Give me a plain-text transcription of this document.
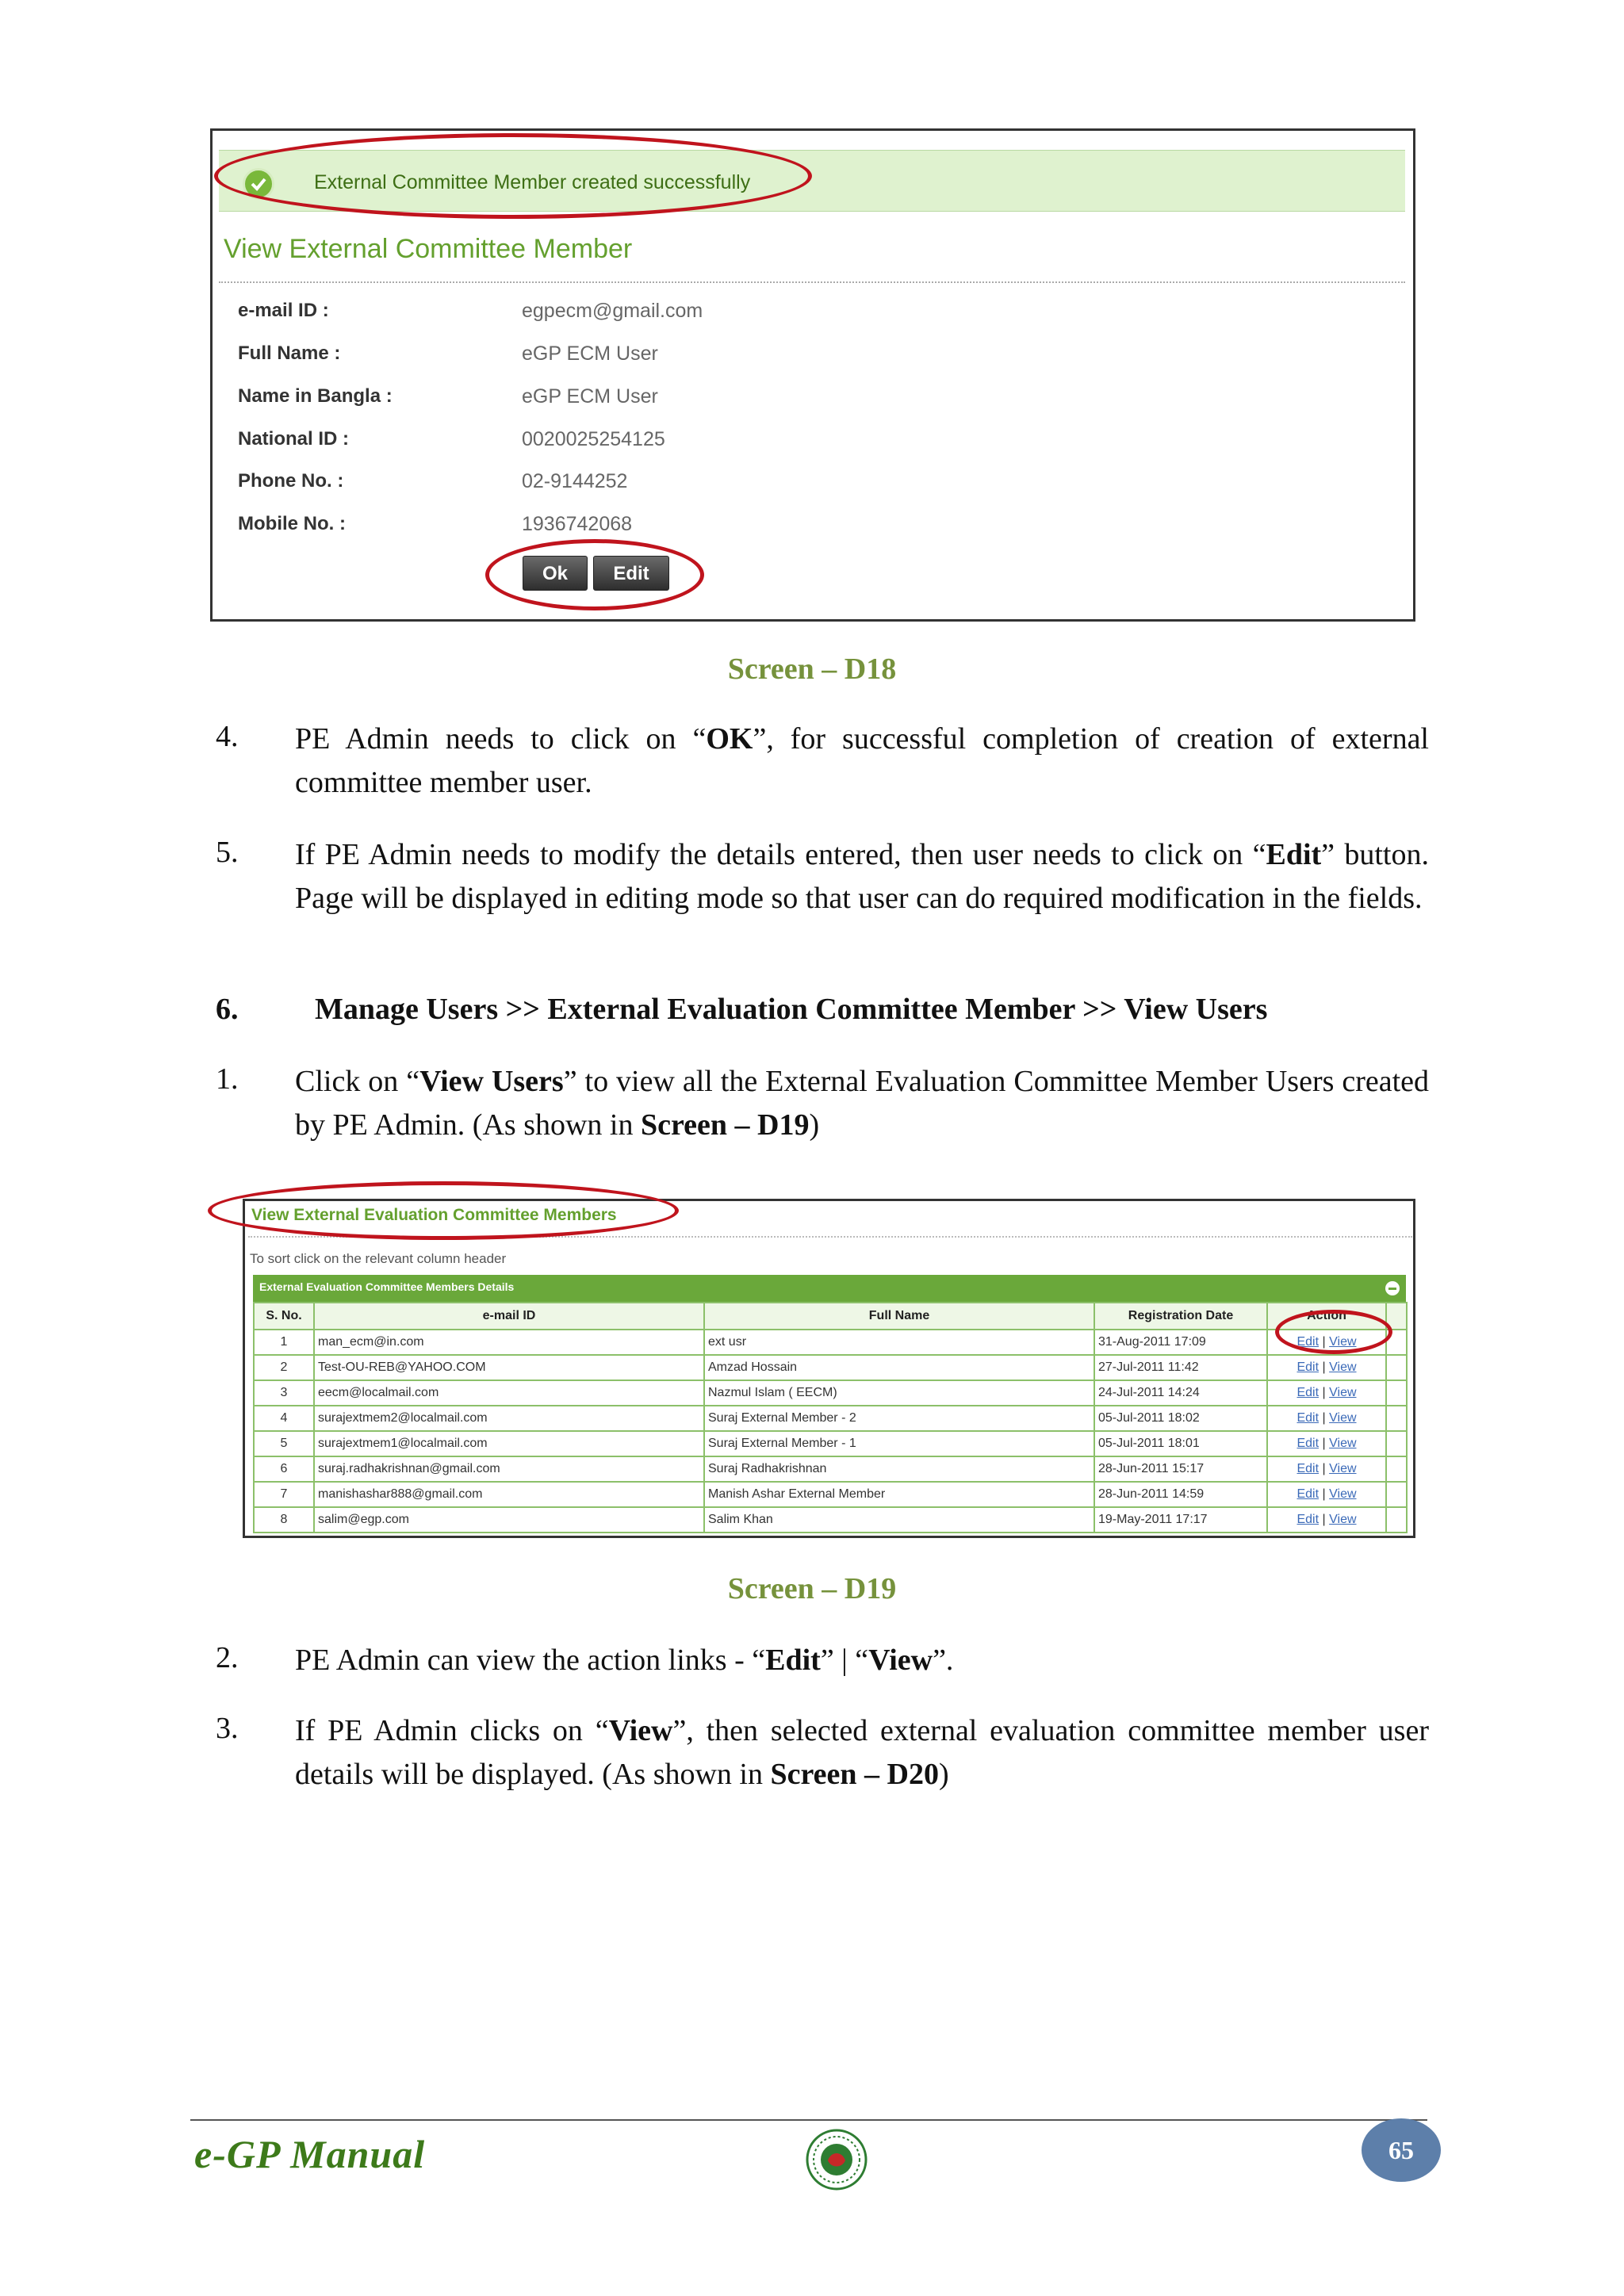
External Committee Member created successfully
View External Committee Member
e-mail ID :	egpecm@gmail.com
Full Name :	eGP ECM User
Name in Bangla :	eGP ECM User
National ID :	0020025254125
Phone No. :	02-9144252
Mobile No. :	1936742068
Ok	Edit
Screen – D18
4. PE Admin needs to click on “OK”, for successful completion of creation of external committee member user.
5. If PE Admin needs to modify the details entered, then user needs to click on “Edit” button. Page will be displayed in editing mode so that user can do required modification in the fields.
6.	Manage Users >> External Evaluation Committee Member >> View Users
1. Click on “View Users” to view all the External Evaluation Committee Member Users created by PE Admin. (As shown in Screen – D19)
View External Evaluation Committee Members
To sort click on the relevant column header
External Evaluation Committee Members Details
S. No.	e-mail ID	Full Name	Registration Date	Action	
1	man_ecm@in.com	ext usr	31-Aug-2011 17:09	Edit | View	
2	Test-OU-REB@YAHOO.COM	Amzad Hossain	27-Jul-2011 11:42	Edit | View	
3	eecm@localmail.com	Nazmul Islam ( EECM)	24-Jul-2011 14:24	Edit | View	
4	surajextmem2@localmail.com	Suraj External Member - 2	05-Jul-2011 18:02	Edit | View	
5	surajextmem1@localmail.com	Suraj External Member - 1	05-Jul-2011 18:01	Edit | View	
6	suraj.radhakrishnan@gmail.com	Suraj Radhakrishnan	28-Jun-2011 15:17	Edit | View	
7	manishashar888@gmail.com	Manish Ashar External Member	28-Jun-2011 14:59	Edit | View	
8	salim@egp.com	Salim Khan	19-May-2011 17:17	Edit | View	
Screen – D19
2. PE Admin can view the action links - “Edit” | “View”.
3. If PE Admin clicks on “View”, then selected external evaluation committee member user details will be displayed. (As shown in Screen – D20)
e-GP Manual	65
